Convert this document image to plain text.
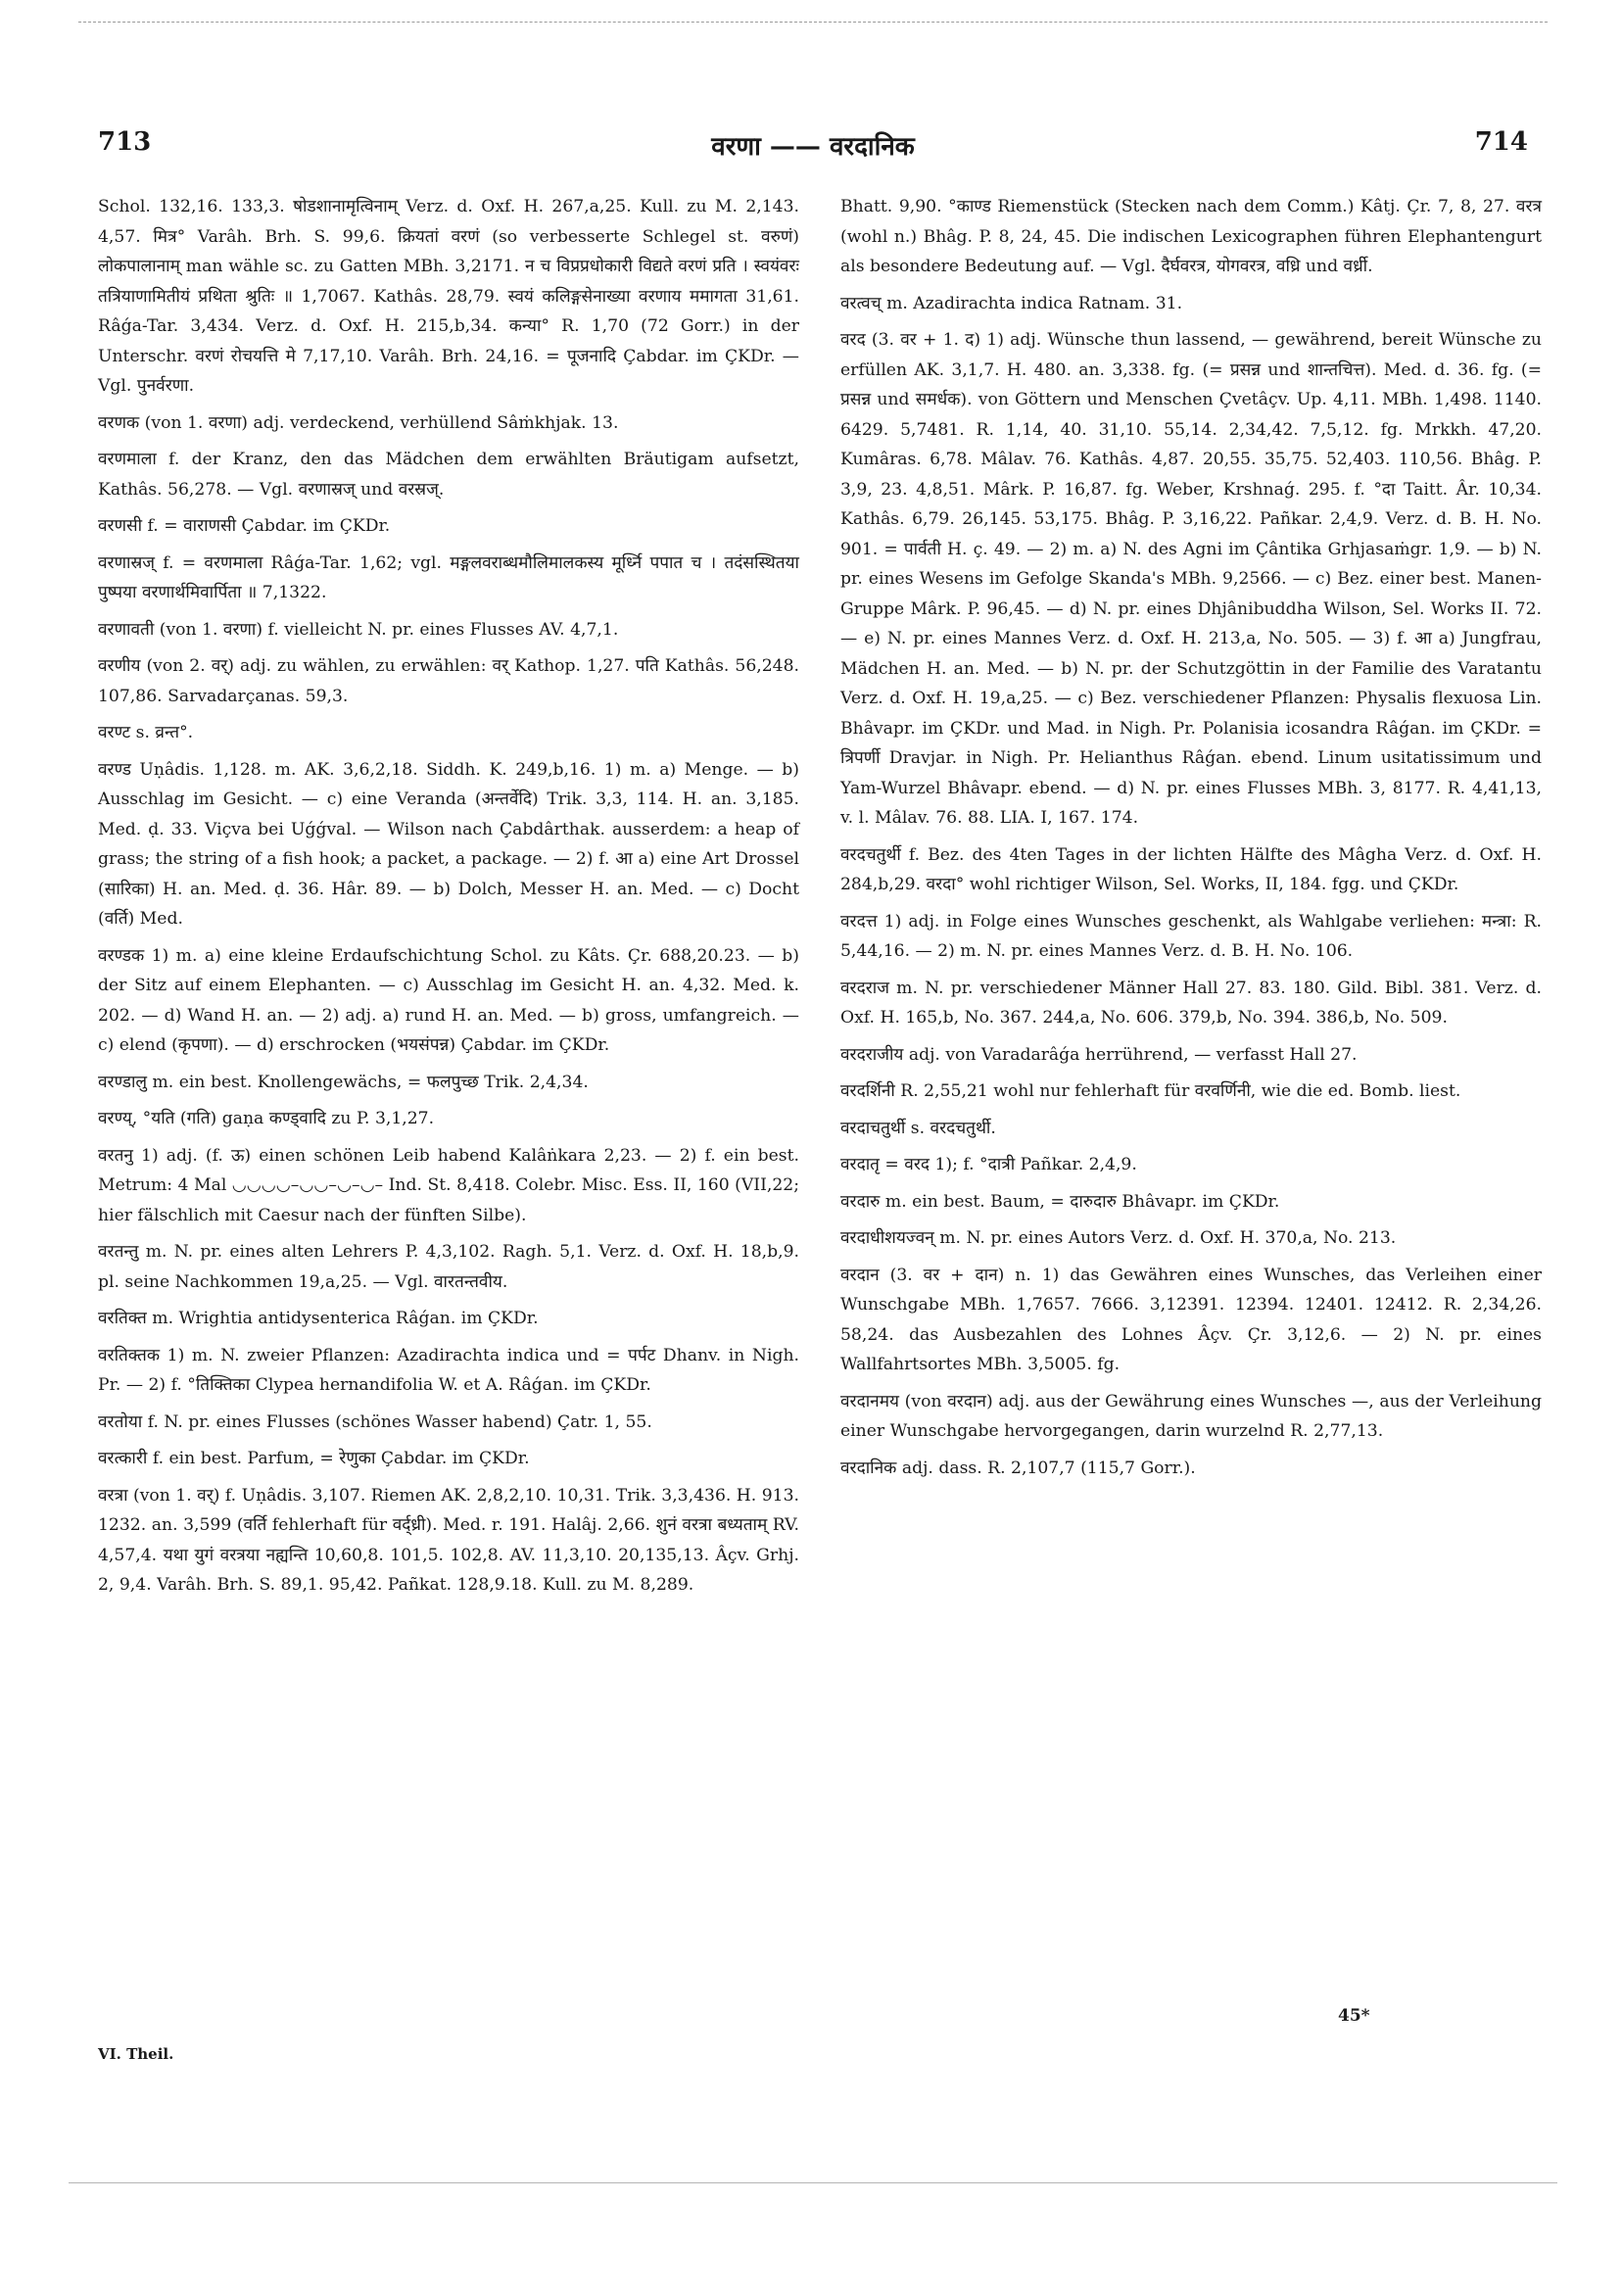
713	वरणा —— वरदानिक	714

Schol. 132,16. 133,3. षोडशानामृत्विनाम् Verz. d. Oxf. H. 267,a,25. Kull. zu M. 2,143. 4,57. मित्र° Varâh. Brh. S. 99,6. क्रियतां वरणं (so verbesserte Schlegel st. वरुणं) लोकपालानाम् man wähle sc. zu Gatten MBh. 3,2171. न च विप्रप्रधोकारी विद्यते वरणं प्रति । स्वयंवरः तत्रियाणामितीयं प्रथिता श्रुतिः ॥ 1,7067. Kathâs. 28,79. स्वयं कलिङ्गसेनाख्या वरणाय ममागता 31,61. Râǵa-Tar. 3,434. Verz. d. Oxf. H. 215,b,34. कन्या° R. 1,70 (72 Gorr.) in der Unterschr. वरणं रोचयत्ति मे 7,17,10. Varâh. Brh. 24,16. = पूजनादि Çabdar. im ÇKDr. — Vgl. पुनर्वरणा.

वरणक (von 1. वरणा) adj. verdeckend, verhüllend Sâṁkhjak. 13.

वरणमाला f. der Kranz, den das Mädchen dem erwählten Bräutigam aufsetzt, Kathâs. 56,278. — Vgl. वरणास्रज् und वरस्रज्.

वरणसी f. = वाराणसी Çabdar. im ÇKDr.

वरणास्रज् f. = वरणमाला Râǵa-Tar. 1,62; vgl. मङ्गलवराब्धमौलिमालकस्य मूर्ध्नि पपात च । तदंसस्थितया पुष्पया वरणार्थमिवार्पिता ॥ 7,1322.

वरणावती (von 1. वरणा) f. vielleicht N. pr. eines Flusses AV. 4,7,1.

वरणीय (von 2. वर्) adj. zu wählen, zu erwählen: वर् Kathop. 1,27. पति Kathâs. 56,248. 107,86. Sarvadarçanas. 59,3.

वरण्ट s. व्रन्त°.

वरण्ड Uṇâdis. 1,128. m. AK. 3,6,2,18. Siddh. K. 249,b,16. 1) m. a) Menge. — b) Ausschlag im Gesicht. — c) eine Veranda (अन्तर्वेदि) Trik. 3,3, 114. H. an. 3,185. Med. ḍ. 33. Viçva bei Uǵǵval. — Wilson nach Çabdârthak. ausserdem: a heap of grass; the string of a fish hook; a packet, a package. — 2) f. आ a) eine Art Drossel (सारिका) H. an. Med. ḍ. 36. Hâr. 89. — b) Dolch, Messer H. an. Med. — c) Docht (वर्ति) Med.

वरण्डक 1) m. a) eine kleine Erdaufschichtung Schol. zu Kâts. Çr. 688,20.23. — b) der Sitz auf einem Elephanten. — c) Ausschlag im Gesicht H. an. 4,32. Med. k. 202. — d) Wand H. an. — 2) adj. a) rund H. an. Med. — b) gross, umfangreich. — c) elend (कृपणा). — d) erschrocken (भयसंपन्न) Çabdar. im ÇKDr.

वरण्डालु m. ein best. Knollengewächs, = फलपुच्छ Trik. 2,4,34.

वरण्य्, °यति (गति) gaṇa कण्ड्वादि zu P. 3,1,27.

वरतनु 1) adj. (f. ऊ) einen schönen Leib habend Kalâṅkara 2,23. — 2) f. ein best. Metrum: 4 Mal ◡◡◡◡–◡◡–◡–◡– Ind. St. 8,418. Colebr. Misc. Ess. II, 160 (VII,22; hier fälschlich mit Caesur nach der fünften Silbe).

वरतन्तु m. N. pr. eines alten Lehrers P. 4,3,102. Ragh. 5,1. Verz. d. Oxf. H. 18,b,9. pl. seine Nachkommen 19,a,25. — Vgl. वारतन्तवीय.

वरतिक्त m. Wrightia antidysenterica Râǵan. im ÇKDr.

वरतिक्तक 1) m. N. zweier Pflanzen: Azadirachta indica und = पर्पट Dhanv. in Nigh. Pr. — 2) f. °तिक्तिका Clypea hernandifolia W. et A. Râǵan. im ÇKDr.

वरतोया f. N. pr. eines Flusses (schönes Wasser habend) Çatr. 1, 55.

वरत्कारी f. ein best. Parfum, = रेणुका Çabdar. im ÇKDr.

वरत्रा (von 1. वर्) f. Uṇâdis. 3,107. Riemen AK. 2,8,2,10. 10,31. Trik. 3,3,436. H. 913. 1232. an. 3,599 (वर्ति fehlerhaft für वर्द्ध्री). Med. r. 191. Halâj. 2,66. शुनं वरत्रा बध्यताम् RV. 4,57,4. यथा युगं वरत्रया नह्यन्ति 10,60,8. 101,5. 102,8. AV. 11,3,10. 20,135,13. Âçv. Grhj. 2, 9,4. Varâh. Brh. S. 89,1. 95,42. Pañkat. 128,9.18. Kull. zu M. 8,289.

Bhatt. 9,90. °काण्ड Riemenstück (Stecken nach dem Comm.) Kâtj. Çr. 7, 8, 27. वरत्र (wohl n.) Bhâg. P. 8, 24, 45. Die indischen Lexicographen führen Elephantengurt als besondere Bedeutung auf. — Vgl. दैर्घवरत्र, योगवरत्र, वध्रि und वर्ध्री.

वरत्वच् m. Azadirachta indica Ratnam. 31.

वरद (3. वर + 1. द) 1) adj. Wünsche thun lassend, — gewährend, bereit Wünsche zu erfüllen AK. 3,1,7. H. 480. an. 3,338. fg. (= प्रसन्न und शान्तचित्त). Med. d. 36. fg. (= प्रसन्न und समर्धक). von Göttern und Menschen Çvetâçv. Up. 4,11. MBh. 1,498. 1140. 6429. 5,7481. R. 1,14, 40. 31,10. 55,14. 2,34,42. 7,5,12. fg. Mrkkh. 47,20. Kumâras. 6,78. Mâlav. 76. Kathâs. 4,87. 20,55. 35,75. 52,403. 110,56. Bhâg. P. 3,9, 23. 4,8,51. Mârk. P. 16,87. fg. Weber, Krshnaǵ. 295. f. °दा Taitt. Âr. 10,34. Kathâs. 6,79. 26,145. 53,175. Bhâg. P. 3,16,22. Pañkar. 2,4,9. Verz. d. B. H. No. 901. = पार्वती H. ç. 49. — 2) m. a) N. des Agni im Çântika Grhjasaṁgr. 1,9. — b) N. pr. eines Wesens im Gefolge Skanda's MBh. 9,2566. — c) Bez. einer best. Manen-Gruppe Mârk. P. 96,45. — d) N. pr. eines Dhjânibuddha Wilson, Sel. Works II. 72. — e) N. pr. eines Mannes Verz. d. Oxf. H. 213,a, No. 505. — 3) f. आ a) Jungfrau, Mädchen H. an. Med. — b) N. pr. der Schutzgöttin in der Familie des Varatantu Verz. d. Oxf. H. 19,a,25. — c) Bez. verschiedener Pflanzen: Physalis flexuosa Lin. Bhâvapr. im ÇKDr. und Mad. in Nigh. Pr. Polanisia icosandra Râǵan. im ÇKDr. = त्रिपर्णी Dravjar. in Nigh. Pr. Helianthus Râǵan. ebend. Linum usitatissimum und Yam-Wurzel Bhâvapr. ebend. — d) N. pr. eines Flusses MBh. 3, 8177. R. 4,41,13, v. l. Mâlav. 76. 88. LIA. I, 167. 174.

वरदचतुर्थी f. Bez. des 4ten Tages in der lichten Hälfte des Mâgha Verz. d. Oxf. H. 284,b,29. वरदा° wohl richtiger Wilson, Sel. Works, II, 184. fgg. und ÇKDr.

वरदत्त 1) adj. in Folge eines Wunsches geschenkt, als Wahlgabe verliehen: मन्त्रा: R. 5,44,16. — 2) m. N. pr. eines Mannes Verz. d. B. H. No. 106.

वरदराज m. N. pr. verschiedener Männer Hall 27. 83. 180. Gild. Bibl. 381. Verz. d. Oxf. H. 165,b, No. 367. 244,a, No. 606. 379,b, No. 394. 386,b, No. 509.

वरदराजीय adj. von Varadarâǵa herrührend, — verfasst Hall 27.

वरदर्शिनी R. 2,55,21 wohl nur fehlerhaft für वरवर्णिनी, wie die ed. Bomb. liest.

वरदाचतुर्थी s. वरदचतुर्थी.

वरदातृ = वरद 1); f. °दात्री Pañkar. 2,4,9.

वरदारु m. ein best. Baum, = दारुदारु Bhâvapr. im ÇKDr.

वरदाधीशयज्वन् m. N. pr. eines Autors Verz. d. Oxf. H. 370,a, No. 213.

वरदान (3. वर + दान) n. 1) das Gewähren eines Wunsches, das Verleihen einer Wunschgabe MBh. 1,7657. 7666. 3,12391. 12394. 12401. 12412. R. 2,34,26. 58,24. das Ausbezahlen des Lohnes Âçv. Çr. 3,12,6. — 2) N. pr. eines Wallfahrtsortes MBh. 3,5005. fg.

वरदानमय (von वरदान) adj. aus der Gewährung eines Wunsches —, aus der Verleihung einer Wunschgabe hervorgegangen, darin wurzelnd R. 2,77,13.

वरदानिक adj. dass. R. 2,107,7 (115,7 Gorr.).

VI. Theil.
45*
